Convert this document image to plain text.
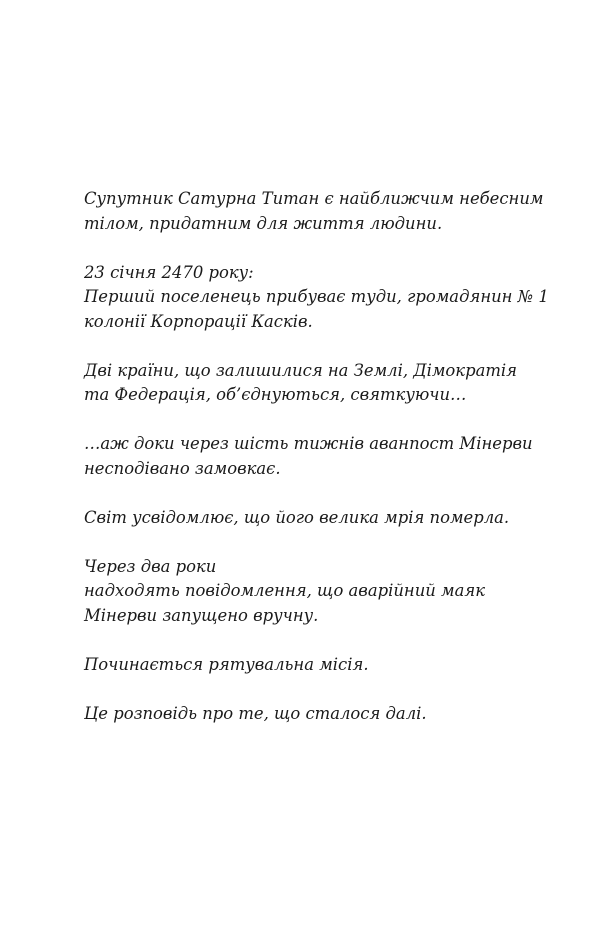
Супутник Сатурна Титан є найближчим небесним
тілом, придатним для життя людини.

23 січня 2470 року:
Перший поселенець прибуває туди, громадянин № 1
колонії Корпорації Касків.

Дві країни, що залишилися на Землі, Дімократія
та Федерація, об’єднуються, святкуючи…

…аж доки через шість тижнів аванпост Мінерви
несподівано замовкає.

Світ усвідомлює, що його велика мрія померла.

Через два роки
надходять повідомлення, що аварійний маяк
Мінерви запущено вручну.

Починається рятувальна місія.

Це розповідь про те, що сталося далі.
